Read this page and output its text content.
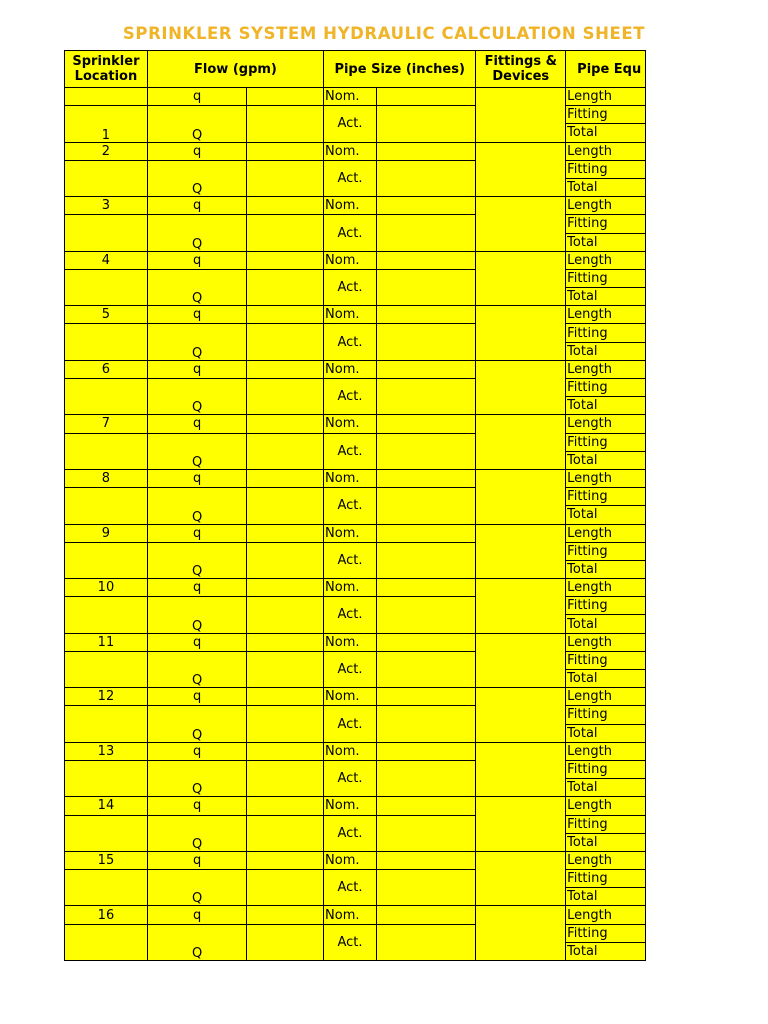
SPRINKLER SYSTEM HYDRAULIC CALCULATION SHEET
Sprinkler Location	Flow (gpm)		Pipe Size (inches)		Fittings & Devices	Pipe Equ
	q		Nom.			Length
1	Q		Act.			Fitting
						Total
2	q		Nom.			Length
	Q		Act.			Fitting
						Total
3	q		Nom.			Length
	Q		Act.			Fitting
						Total
4	q		Nom.			Length
	Q		Act.			Fitting
						Total
5	q		Nom.			Length
	Q		Act.			Fitting
						Total
6	q		Nom.			Length
	Q		Act.			Fitting
						Total
7	q		Nom.			Length
	Q		Act.			Fitting
						Total
8	q		Nom.			Length
	Q		Act.			Fitting
						Total
9	q		Nom.			Length
	Q		Act.			Fitting
						Total
10	q		Nom.			Length
	Q		Act.			Fitting
						Total
11	q		Nom.			Length
	Q		Act.			Fitting
						Total
12	q		Nom.			Length
	Q		Act.			Fitting
						Total
13	q		Nom.			Length
	Q		Act.			Fitting
						Total
14	q		Nom.			Length
	Q		Act.			Fitting
						Total
15	q		Nom.			Length
	Q		Act.			Fitting
						Total
16	q		Nom.			Length
	Q		Act.			Fitting
						Total
